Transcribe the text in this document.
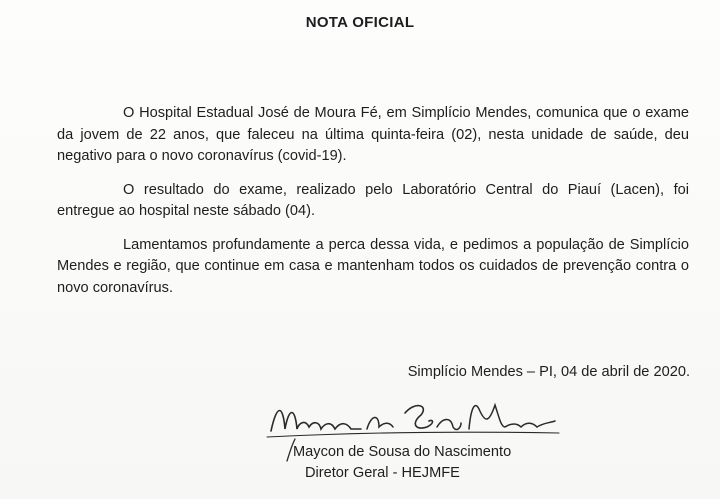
NOTA OFICIAL

O Hospital Estadual José de Moura Fé, em Simplício Mendes, comunica que o exame da jovem de 22 anos, que faleceu na última quinta-feira (02), nesta unidade de saúde, deu negativo para o novo coronavírus (covid-19).

O resultado do exame, realizado pelo Laboratório Central do Piauí (Lacen), foi entregue ao hospital neste sábado (04).

Lamentamos profundamente a perca dessa vida, e pedimos a população de Simplício Mendes e região, que continue em casa e mantenham todos os cuidados de prevenção contra o novo coronavírus.

Simplício Mendes – PI, 04 de abril de 2020.
Maycon de Sousa do Nascimento
Diretor Geral - HEJMFE
